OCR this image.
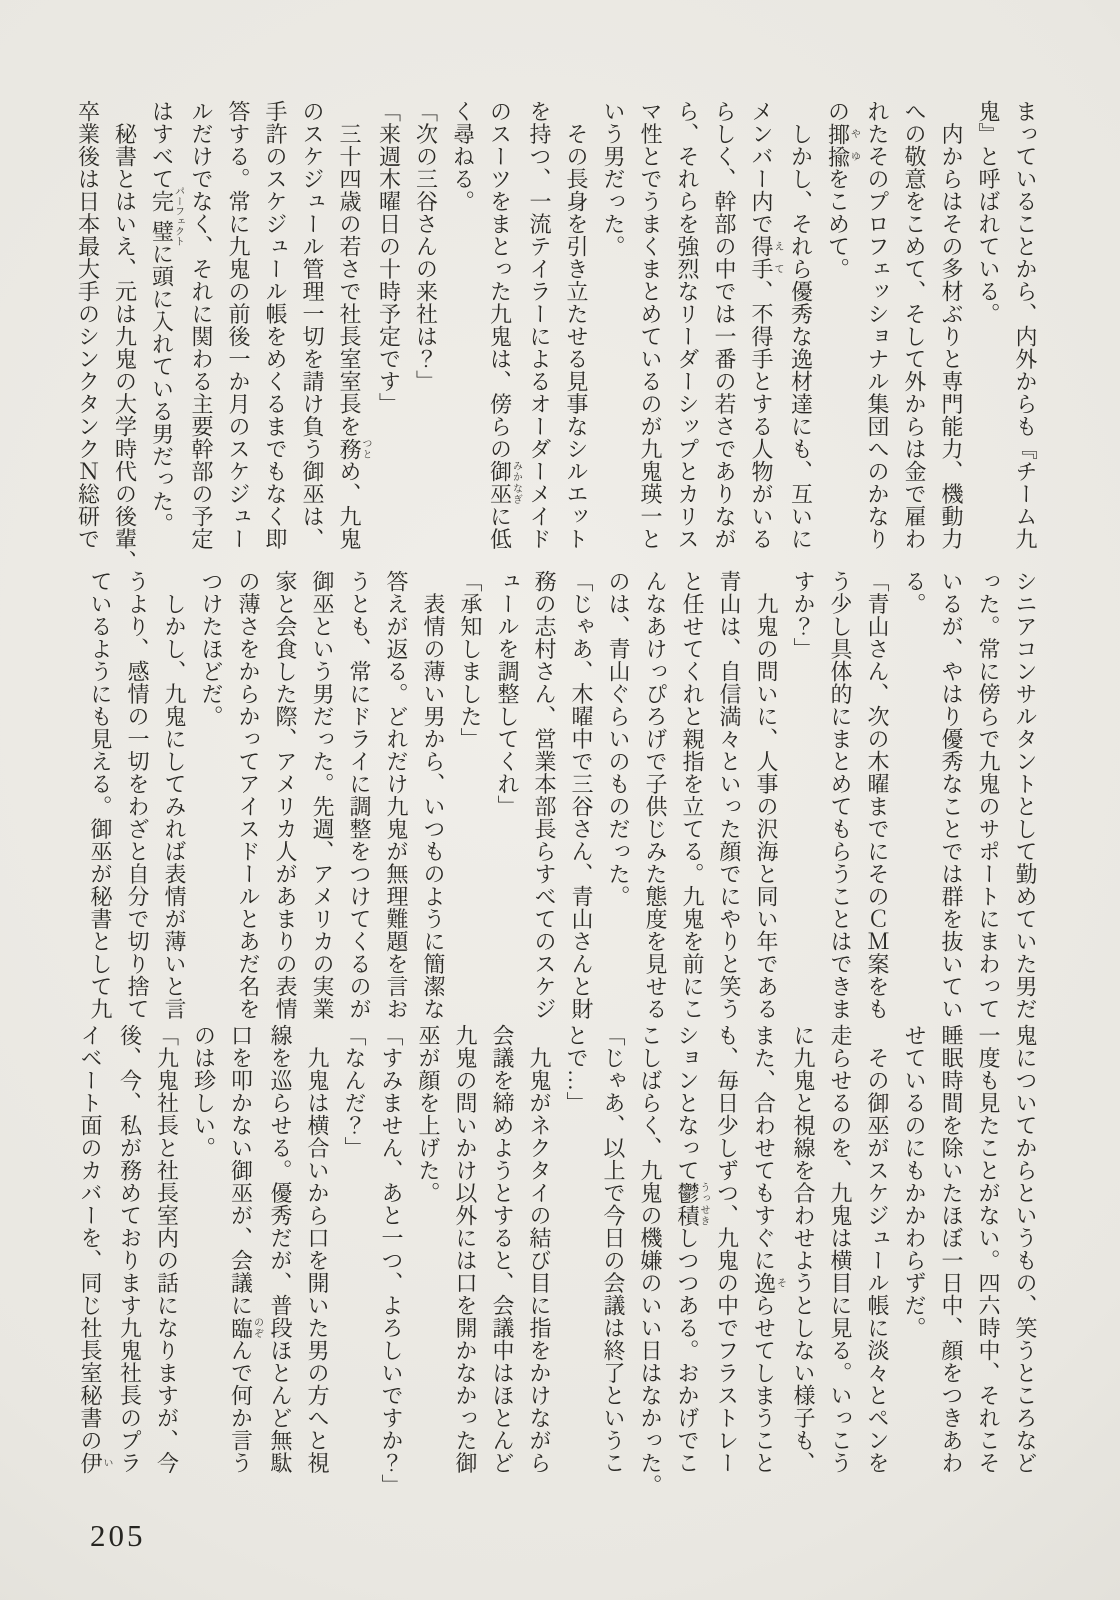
まっていることから、内外からも『チーム九

鬼』と呼ばれている。

　内からはその多材ぶりと専門能力、機動力

への敬意をこめて、そして外からは金で雇わ

れたそのプロフェッショナル集団へのかなり

の揶揄やゆをこめて。

　しかし、それら優秀な逸材達にも、互いに

メンバー内で得手えて、不得手とする人物がいる

らしく、幹部の中では一番の若さでありなが

ら、それらを強烈なリーダーシップとカリス

マ性とでうまくまとめているのが九鬼瑛一と

いう男だった。

　その長身を引き立たせる見事なシルエット

を持つ、一流テイラーによるオーダーメイド

のスーツをまとった九鬼は、傍らの御巫みかなぎに低

く尋ねる。

「次の三谷さんの来社は？」

「来週木曜日の十時予定です」

　三十四歳の若さで社長室室長を務つとめ、九鬼

のスケジュール管理一切を請け負う御巫は、

手許のスケジュール帳をめくるまでもなく即

答する。常に九鬼の前後一か月のスケジュー

ルだけでなく、それに関わる主要幹部の予定

はすべて完璧パーフェクトに頭に入れている男だった。

　秘書とはいえ、元は九鬼の大学時代の後輩、

卒業後は日本最大手のシンクタンクＮ総研で

シニアコンサルタントとして勤めていた男だ

った。常に傍らで九鬼のサポートにまわって

いるが、やはり優秀なことでは群を抜いてい

る。

「青山さん、次の木曜までにそのＣＭ案をも

う少し具体的にまとめてもらうことはできま

すか？」

　九鬼の問いに、人事の沢海と同い年である

青山は、自信満々といった顔でにやりと笑う

と任せてくれと親指を立てる。九鬼を前にこ

んなあけっぴろげで子供じみた態度を見せる

のは、青山ぐらいのものだった。

「じゃあ、木曜中で三谷さん、青山さんと財

務の志村さん、営業本部長らすべてのスケジ

ュールを調整してくれ」

「承知しました」

　表情の薄い男から、いつものように簡潔な

答えが返る。どれだけ九鬼が無理難題を言お

うとも、常にドライに調整をつけてくるのが

御巫という男だった。先週、アメリカの実業

家と会食した際、アメリカ人があまりの表情

の薄さをからかってアイスドールとあだ名を

つけたほどだ。

　しかし、九鬼にしてみれば表情が薄いと言

うより、感情の一切をわざと自分で切り捨て

ているようにも見える。御巫が秘書として九

鬼についてからというもの、笑うところなど

一度も見たことがない。四六時中、それこそ

睡眠時間を除いたほぼ一日中、顔をつきあわ

せているのにもかかわらずだ。

　その御巫がスケジュール帳に淡々とペンを

走らせるのを、九鬼は横目に見る。いっこう

に九鬼と視線を合わせようとしない様子も、

また、合わせてもすぐに逸そらせてしまうこと

も、毎日少しずつ、九鬼の中でフラストレー

ションとなって鬱積うっせきしつつある。おかげでこ

こしばらく、九鬼の機嫌のいい日はなかった。

「じゃあ、以上で今日の会議は終了というこ

とで…」

　九鬼がネクタイの結び目に指をかけながら

会議を締めようとすると、会議中はほとんど

九鬼の問いかけ以外には口を開かなかった御

巫が顔を上げた。

「すみません、あと一つ、よろしいですか？」

「なんだ？」

　九鬼は横合いから口を開いた男の方へと視

線を巡らせる。優秀だが、普段ほとんど無駄

口を叩かない御巫が、会議に臨のぞんで何か言う

のは珍しい。

「九鬼社長と社長室内の話になりますが、今

後、今、私が務めております九鬼社長のプラ

イベート面のカバーを、同じ社長室秘書の伊い

205
